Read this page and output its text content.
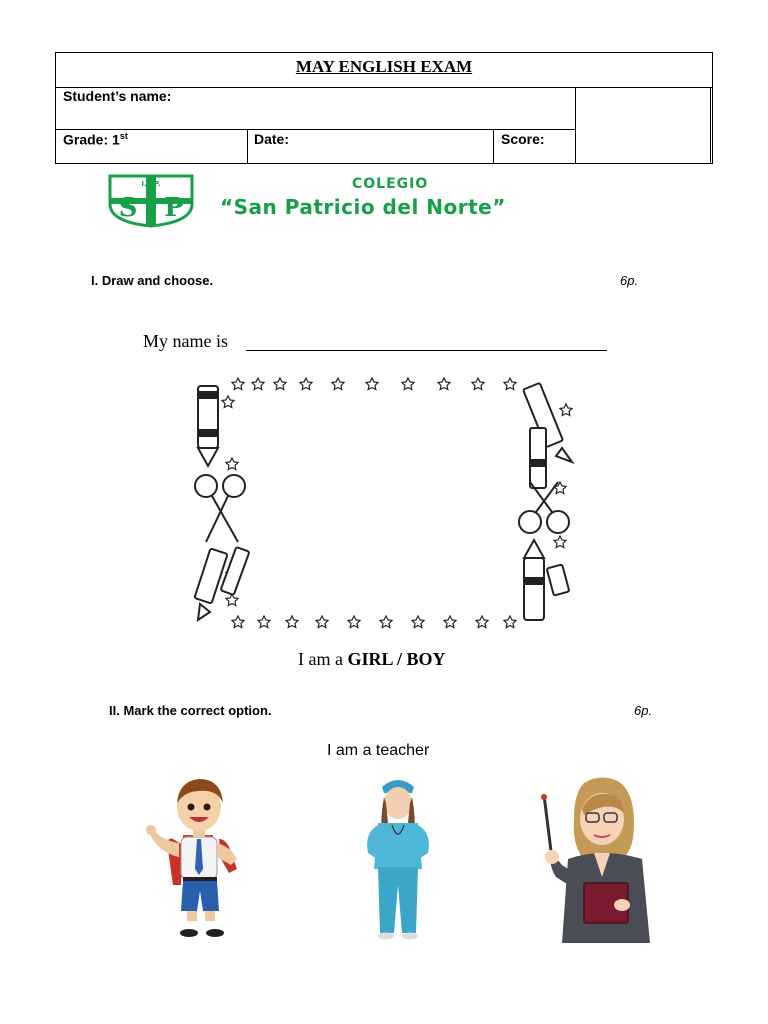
MAY ENGLISH EXAM
Student’s name:
Grade: 1st	Date:	Score:
I.E.P.
S P
COLEGIO
“San Patricio del Norte”
I. Draw and choose.	6p.
My name is
I am a GIRL / BOY
II. Mark the correct option.	6p.
I am a teacher
